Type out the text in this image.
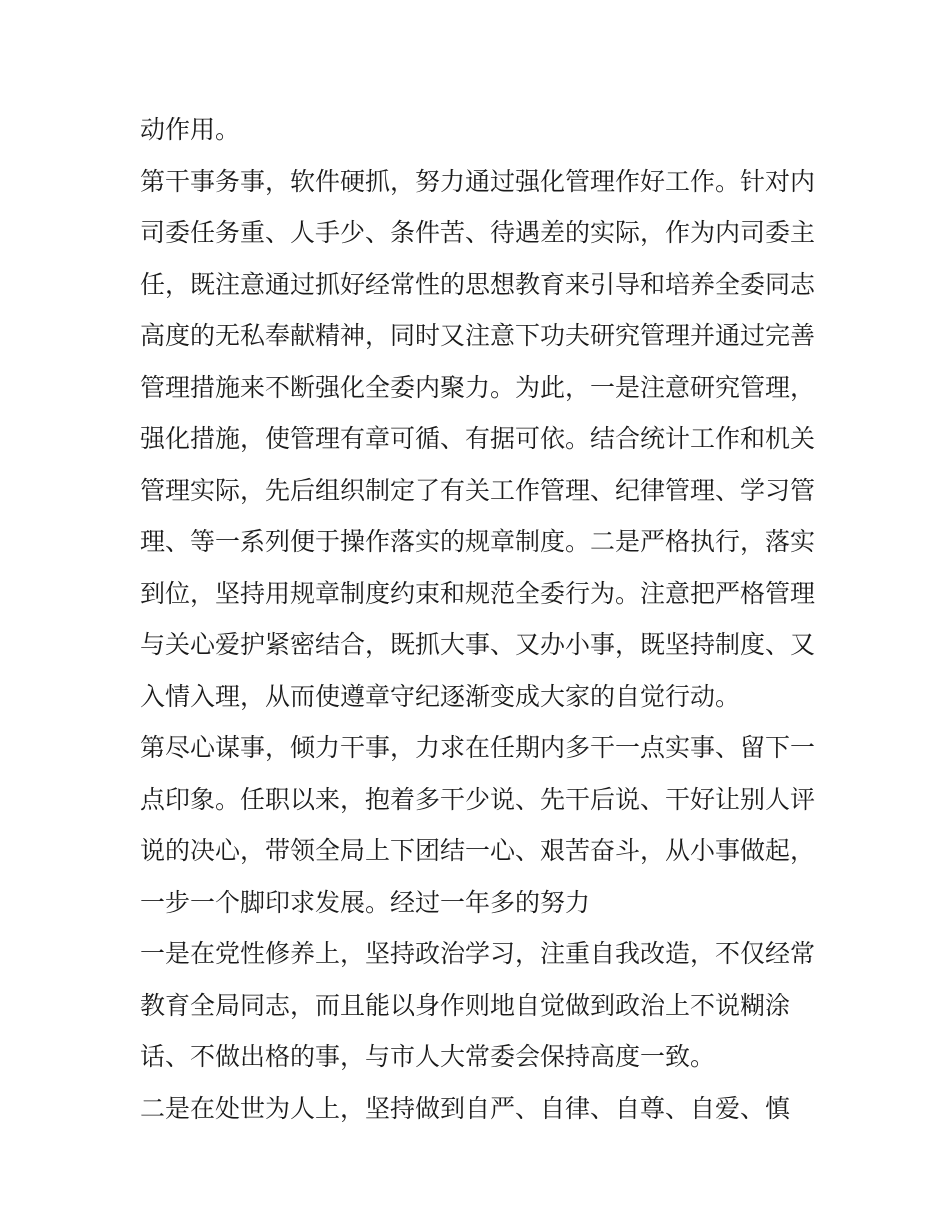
动作用。
第干事务事，软件硬抓，努力通过强化管理作好工作。针对内
司委任务重、人手少、条件苦、待遇差的实际，作为内司委主
任，既注意通过抓好经常性的思想教育来引导和培养全委同志
高度的无私奉献精神，同时又注意下功夫研究管理并通过完善
管理措施来不断强化全委内聚力。为此，一是注意研究管理，
强化措施，使管理有章可循、有据可依。结合统计工作和机关
管理实际，先后组织制定了有关工作管理、纪律管理、学习管
理、等一系列便于操作落实的规章制度。二是严格执行，落实
到位，坚持用规章制度约束和规范全委行为。注意把严格管理
与关心爱护紧密结合，既抓大事、又办小事，既坚持制度、又
入情入理，从而使遵章守纪逐渐变成大家的自觉行动。
第尽心谋事，倾力干事，力求在任期内多干一点实事、留下一
点印象。任职以来，抱着多干少说、先干后说、干好让别人评
说的决心，带领全局上下团结一心、艰苦奋斗，从小事做起，
一步一个脚印求发展。经过一年多的努力
一是在党性修养上，坚持政治学习，注重自我改造，不仅经常
教育全局同志，而且能以身作则地自觉做到政治上不说糊涂
话、不做出格的事，与市人大常委会保持高度一致。
二是在处世为人上，坚持做到自严、自律、自尊、自爱、慎
